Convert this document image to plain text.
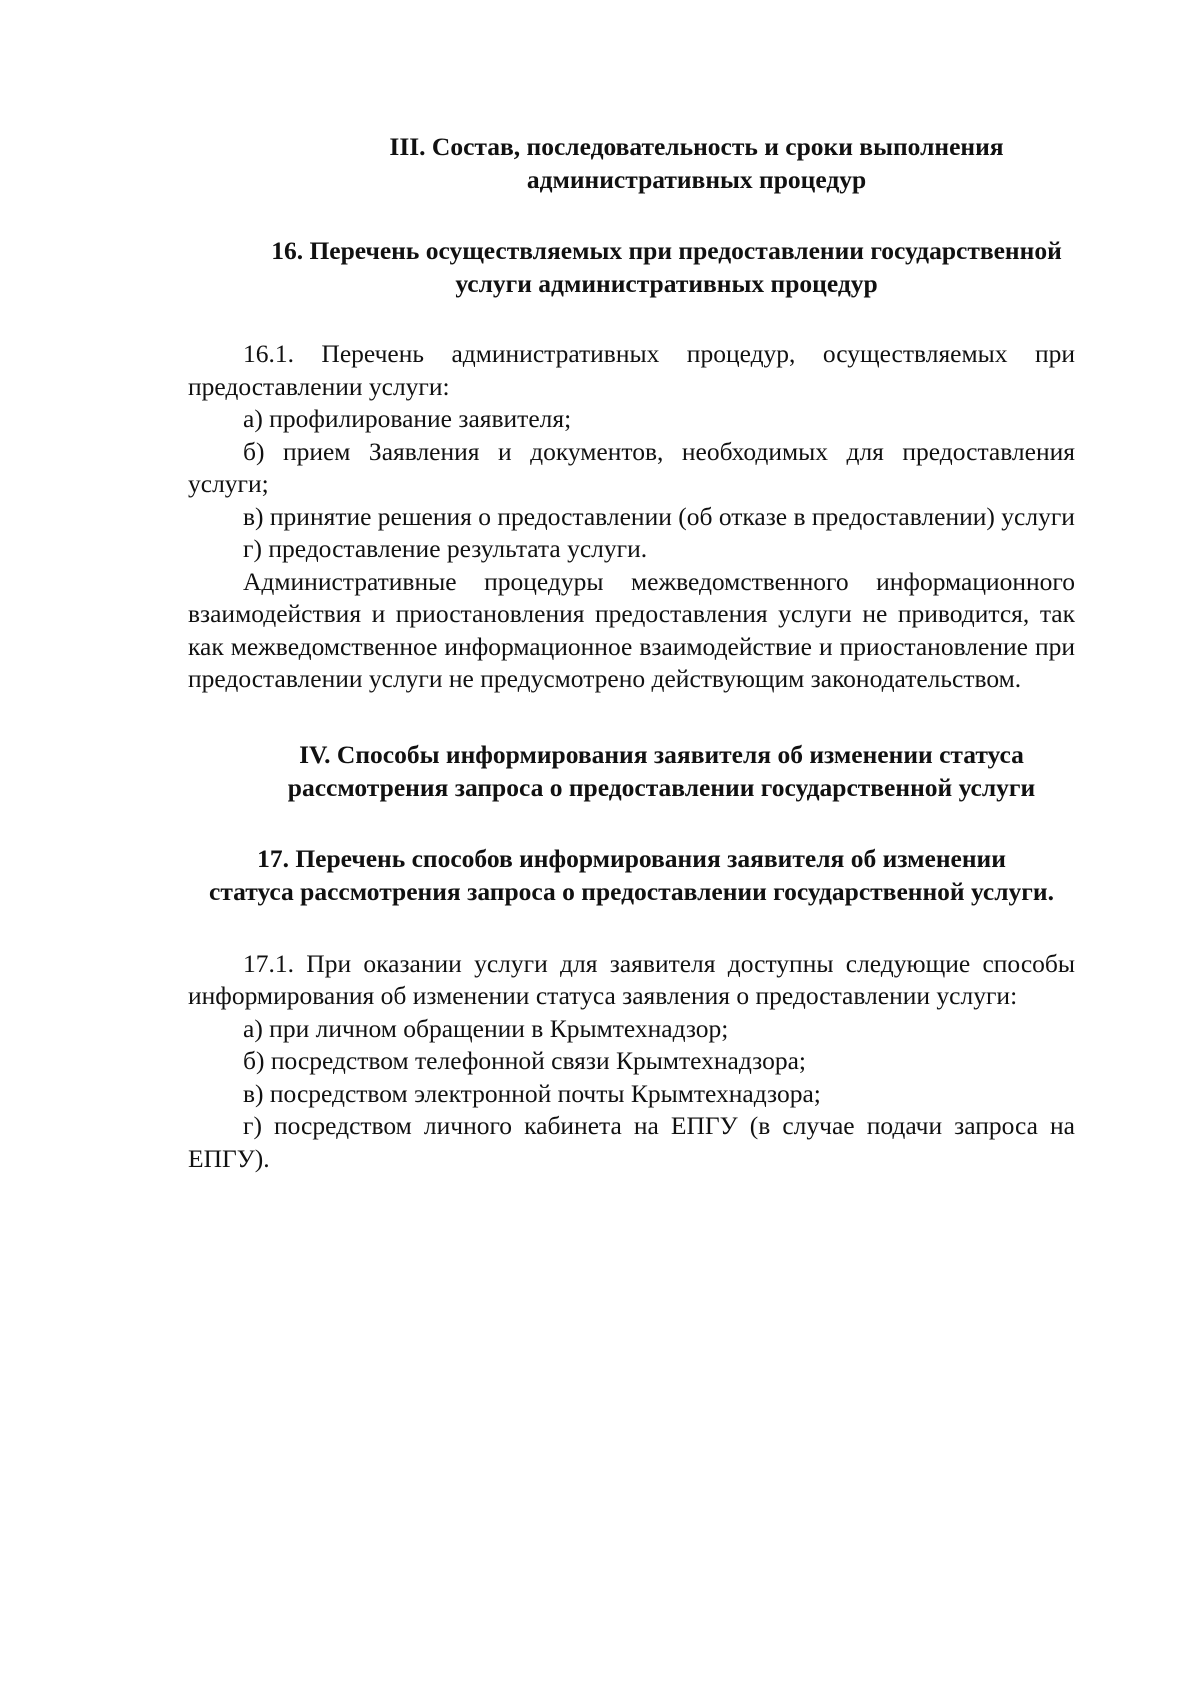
III. Состав, последовательность и сроки выполнения
административных процедур
16. Перечень осуществляемых при предоставлении государственной
услуги административных процедур

16.1. Перечень административных процедур, осуществляемых при предоставлении услуги:

а) профилирование заявителя;

б) прием Заявления и документов, необходимых для предоставления услуги;

в) принятие решения о предоставлении (об отказе в предоставлении) услуги

г) предоставление результата услуги.

Административные процедуры межведомственного информационного взаимодействия и приостановления предоставления услуги не приводится, так как межведомственное информационное взаимодействие и приостановление при предоставлении услуги не предусмотрено действующим законодательством.

IV. Способы информирования заявителя об изменении статуса
рассмотрения запроса о предоставлении государственной услуги
17. Перечень способов информирования заявителя об изменении
статуса рассмотрения запроса о предоставлении государственной услуги.

17.1. При оказании услуги для заявителя доступны следующие способы информирования об изменении статуса заявления о предоставлении услуги:

а) при личном обращении в Крымтехнадзор;

б) посредством телефонной связи Крымтехнадзора;

в) посредством электронной почты Крымтехнадзора;

г) посредством личного кабинета на ЕПГУ (в случае подачи запроса на ЕПГУ).
